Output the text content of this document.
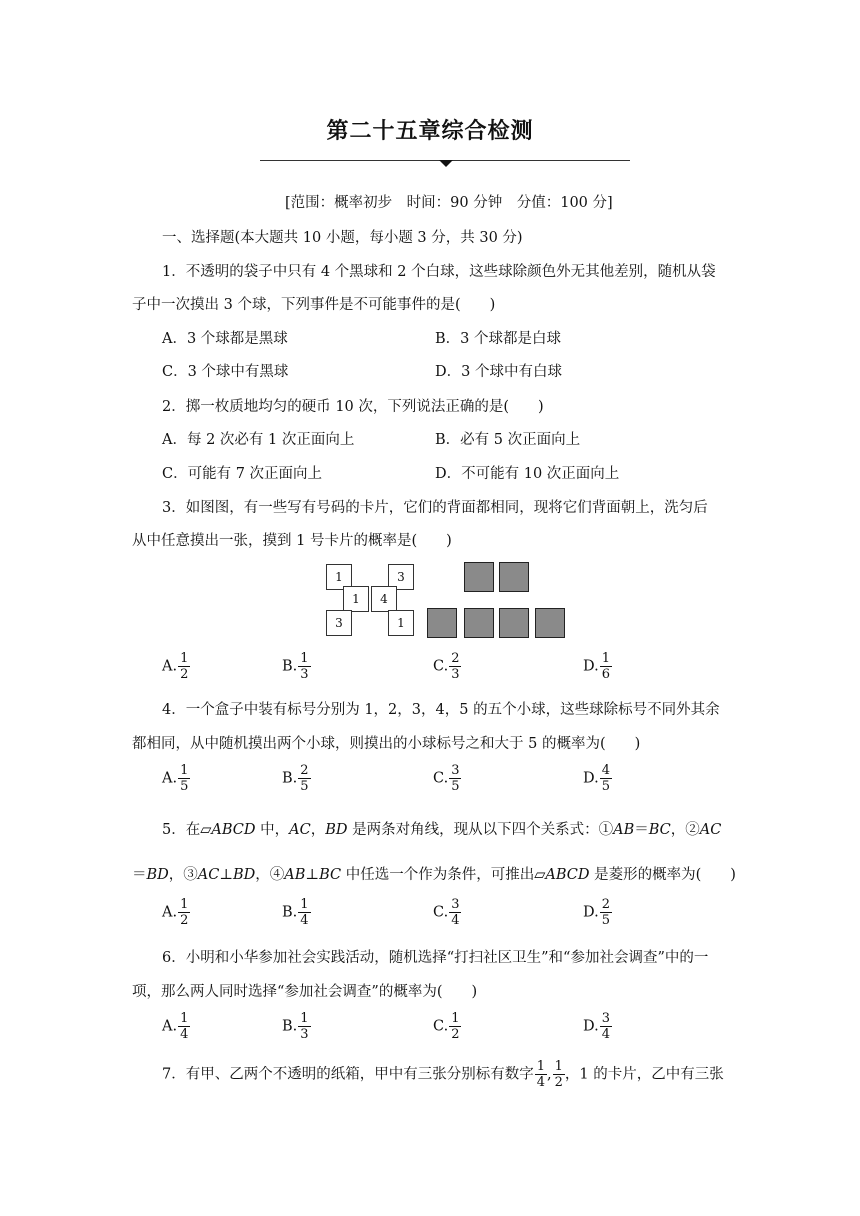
第二十五章综合检测
[范围：概率初步　时间：90 分钟　分值：100 分]
一、选择题(本大题共 10 小题，每小题 3 分，共 30 分)
1．不透明的袋子中只有 4 个黑球和 2 个白球，这些球除颜色外无其他差别，随机从袋
子中一次摸出 3 个球，下列事件是不可能事件的是(　　)
A．3 个球都是黑球	B．3 个球都是白球
C．3 个球中有黑球	D．3 个球中有白球
2．掷一枚质地均匀的硬币 10 次，下列说法正确的是(　　)
A．每 2 次必有 1 次正面向上	B．必有 5 次正面向上
C．可能有 7 次正面向上	D．不可能有 10 次正面向上
3．如图图，有一些写有号码的卡片，它们的背面都相同，现将它们背面朝上，洗匀后
从中任意摸出一张，摸到 1 号卡片的概率是(　　)
1	3
1	4
3	1
A. $\frac{1}{2}$	B. $\frac{1}{3}$	C. $\frac{2}{3}$	D. $\frac{1}{6}$
4．一个盒子中装有标号分别为 1，2，3，4，5 的五个小球，这些球除标号不同外其余
都相同，从中随机摸出两个小球，则摸出的小球标号之和大于 5 的概率为(　　)
A. $\frac{1}{5}$	B. $\frac{2}{5}$	C. $\frac{3}{5}$	D. $\frac{4}{5}$
5．在▱ABCD 中，AC，BD 是两条对角线，现从以下四个关系式：①AB＝BC，②AC
＝BD，③AC⊥BD，④AB⊥BC 中任选一个作为条件，可推出▱ABCD 是菱形的概率为(　　)
A. $\frac{1}{2}$	B. $\frac{1}{4}$	C. $\frac{3}{4}$	D. $\frac{2}{5}$
6．小明和小华参加社会实践活动，随机选择“打扫社区卫生”和“参加社会调查”中的一
项，那么两人同时选择“参加社会调查”的概率为(　　)
A. $\frac{1}{4}$	B. $\frac{1}{3}$	C. $\frac{1}{2}$	D. $\frac{3}{4}$
7．有甲、乙两个不透明的纸箱，甲中有三张分别标有数字 $\frac{1}{4}$ , $\frac{1}{2}$ ，1 的卡片，乙中有三张
